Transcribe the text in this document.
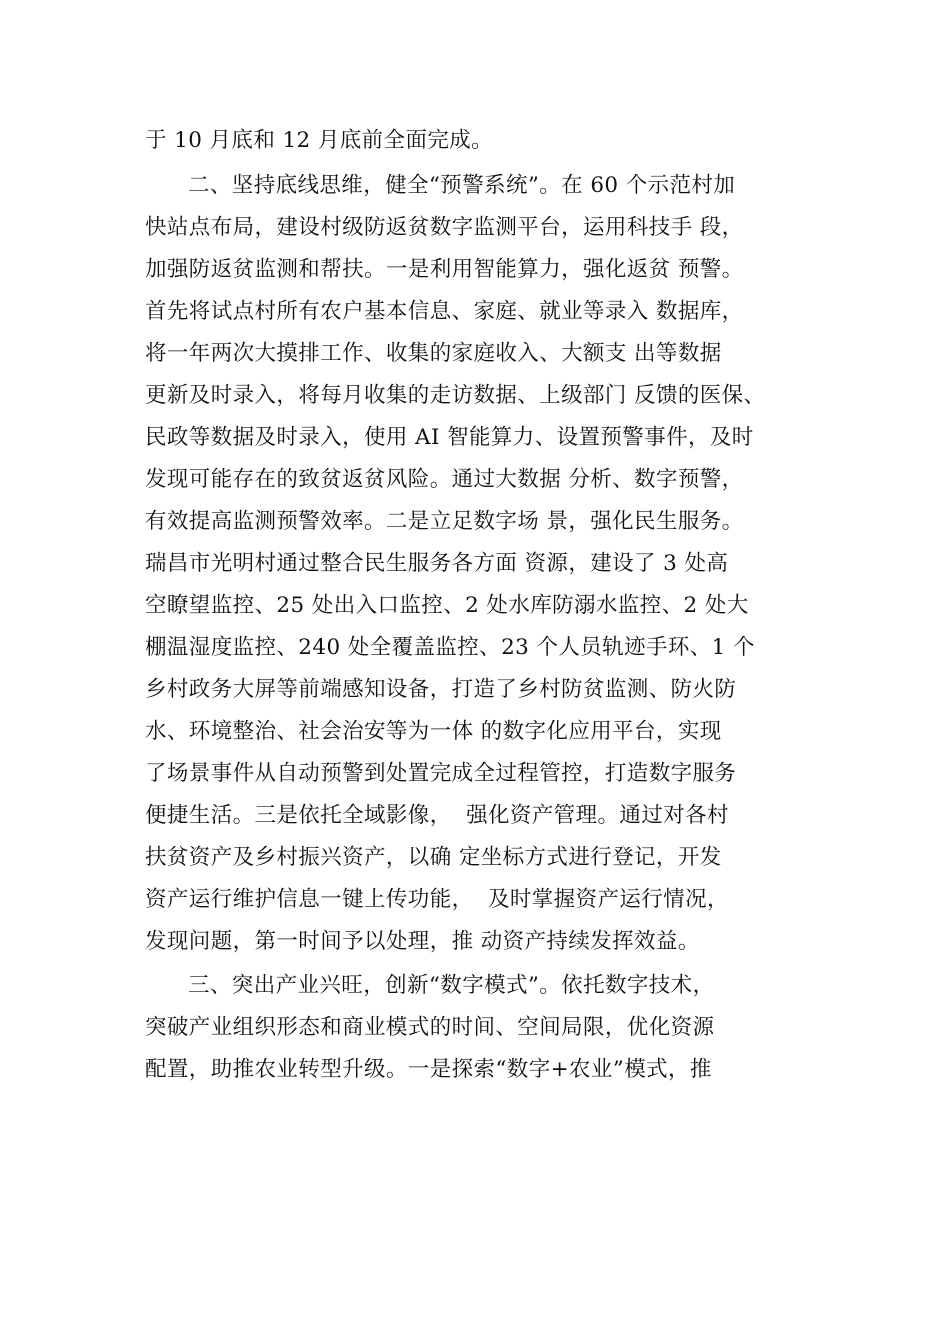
于 10 月底和 12 月底前全面完成。
二、坚持底线思维，健全“预警系统”。在 60 个示范村加
快站点布局，建设村级防返贫数字监测平台，运用科技手 段，
加强防返贫监测和帮扶。一是利用智能算力，强化返贫 预警。
首先将试点村所有农户基本信息、家庭、就业等录入 数据库，
将一年两次大摸排工作、收集的家庭收入、大额支 出等数据
更新及时录入，将每月收集的走访数据、上级部门 反馈的医保、
民政等数据及时录入，使用 AI 智能算力、设置预警事件，及时
发现可能存在的致贫返贫风险。通过大数据 分析、数字预警，
有效提高监测预警效率。二是立足数字场 景，强化民生服务。
瑞昌市光明村通过整合民生服务各方面 资源，建设了 3 处高
空瞭望监控、25 处出入口监控、2 处水库防溺水监控、2 处大
棚温湿度监控、240 处全覆盖监控、23 个人员轨迹手环、1 个
乡村政务大屏等前端感知设备，打造了乡村防贫监测、防火防
水、环境整治、社会治安等为一体 的数字化应用平台，实现
了场景事件从自动预警到处置完成全过程管控，打造数字服务
便捷生活。三是依托全域影像，  强化资产管理。通过对各村
扶贫资产及乡村振兴资产，以确 定坐标方式进行登记，开发
资产运行维护信息一键上传功能，  及时掌握资产运行情况，
发现问题，第一时间予以处理，推 动资产持续发挥效益。
三、突出产业兴旺，创新“数字模式”。依托数字技术，
突破产业组织形态和商业模式的时间、空间局限，优化资源
配置，助推农业转型升级。一是探索“数字+农业”模式，推
